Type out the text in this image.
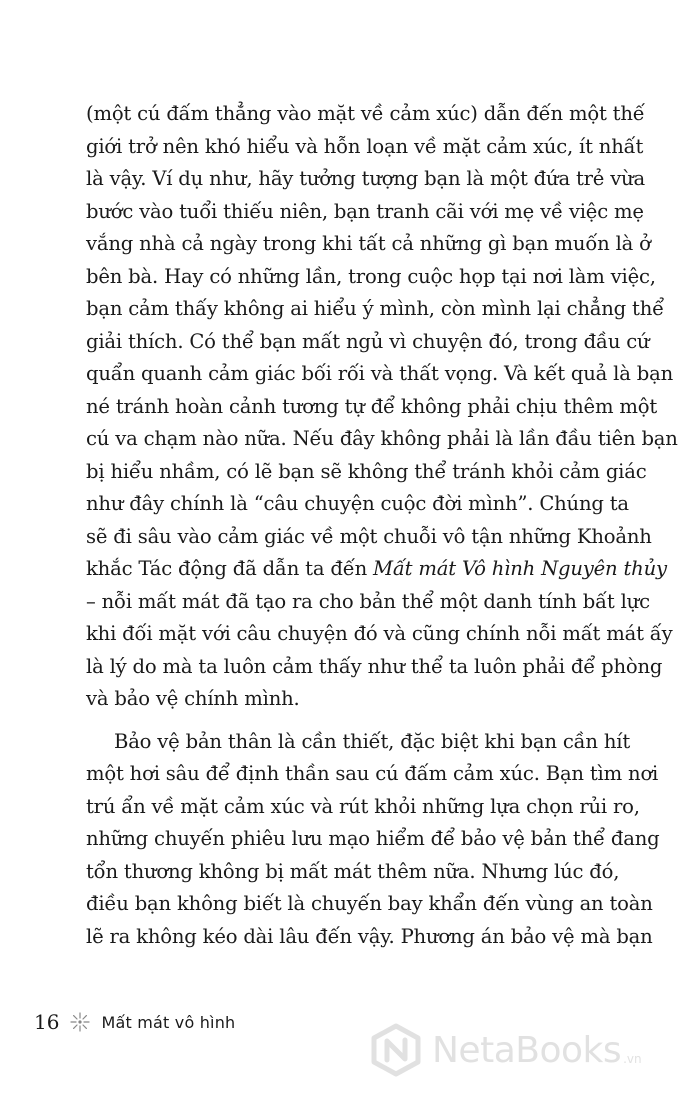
(một cú đấm thẳng vào mặt về cảm xúc) dẫn đến một thế
giới trở nên khó hiểu và hỗn loạn về mặt cảm xúc, ít nhất
là vậy. Ví dụ như, hãy tưởng tượng bạn là một đứa trẻ vừa
bước vào tuổi thiếu niên, bạn tranh cãi với mẹ về việc mẹ
vắng nhà cả ngày trong khi tất cả những gì bạn muốn là ở
bên bà. Hay có những lần, trong cuộc họp tại nơi làm việc,
bạn cảm thấy không ai hiểu ý mình, còn mình lại chẳng thể
giải thích. Có thể bạn mất ngủ vì chuyện đó, trong đầu cứ
quẩn quanh cảm giác bối rối và thất vọng. Và kết quả là bạn
né tránh hoàn cảnh tương tự để không phải chịu thêm một
cú va chạm nào nữa. Nếu đây không phải là lần đầu tiên bạn
bị hiểu nhầm, có lẽ bạn sẽ không thể tránh khỏi cảm giác
như đây chính là “câu chuyện cuộc đời mình”. Chúng ta
sẽ đi sâu vào cảm giác về một chuỗi vô tận những Khoảnh
khắc Tác động đã dẫn ta đến Mất mát Vô hình Nguyên thủy
– nỗi mất mát đã tạo ra cho bản thể một danh tính bất lực
khi đối mặt với câu chuyện đó và cũng chính nỗi mất mát ấy
là lý do mà ta luôn cảm thấy như thể ta luôn phải để phòng
và bảo vệ chính mình.

Bảo vệ bản thân là cần thiết, đặc biệt khi bạn cần hít
một hơi sâu để định thần sau cú đấm cảm xúc. Bạn tìm nơi
trú ẩn về mặt cảm xúc và rút khỏi những lựa chọn rủi ro,
những chuyến phiêu lưu mạo hiểm để bảo vệ bản thể đang
tổn thương không bị mất mát thêm nữa. Nhưng lúc đó,
điều bạn không biết là chuyến bay khẩn đến vùng an toàn
lẽ ra không kéo dài lâu đến vậy. Phương án bảo vệ mà bạn

16	Mất mát vô hình
NetaBooks .vn
